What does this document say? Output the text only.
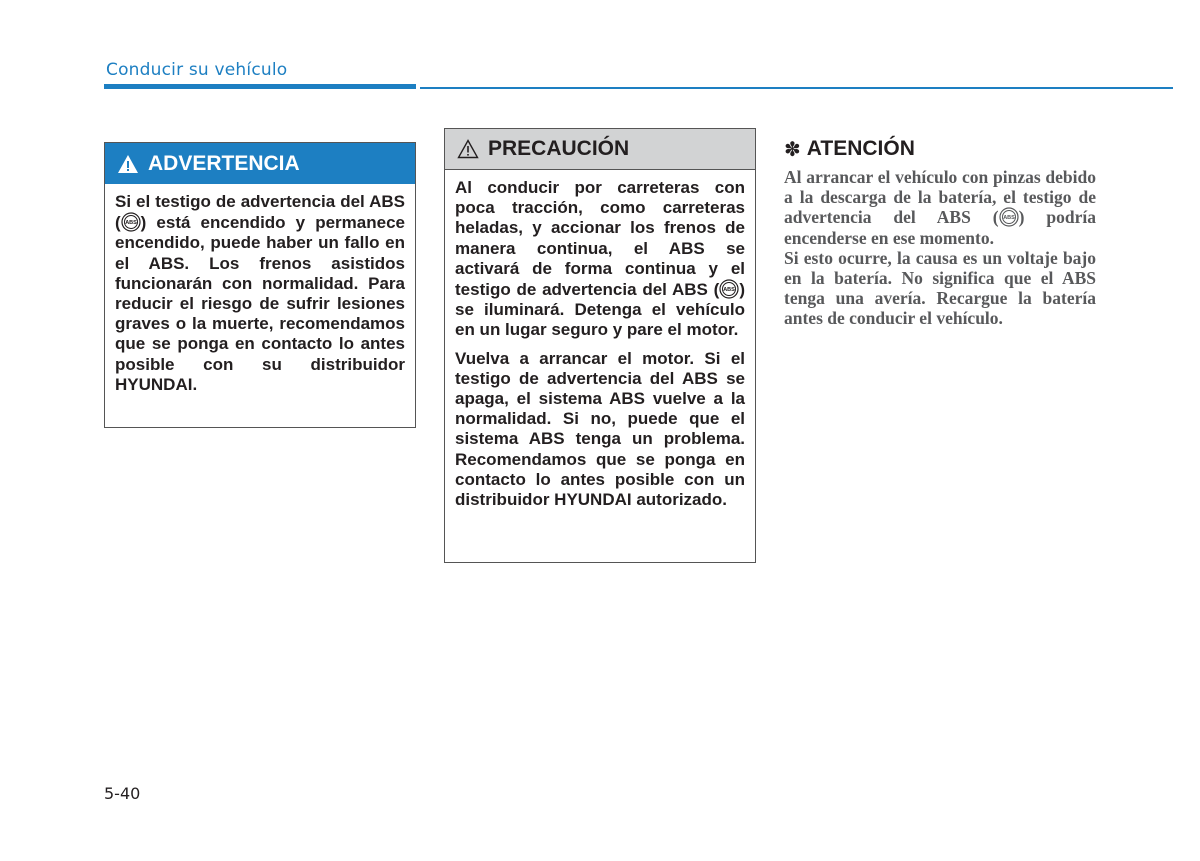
Conducir su vehículo
ADVERTENCIA

Si el testigo de advertencia del ABS ( ABS ) está encendido y permanece encendido, puede haber un fallo en el ABS. Los frenos asistidos funcionarán con normalidad. Para reducir el riesgo de sufrir lesiones graves o la muerte, recomendamos que se ponga en contacto lo antes posible con su distribuidor HYUNDAI.

PRECAUCIÓN

Al conducir por carreteras con poca tracción, como carreteras heladas, y accionar los frenos de manera continua, el ABS se activará de forma continua y el testigo de advertencia del ABS ( ABS ) se iluminará. Detenga el vehículo en un lugar seguro y pare el motor.

Vuelva a arrancar el motor. Si el testigo de advertencia del ABS se apaga, el sistema ABS vuelve a la normalidad. Si no, puede que el sistema ABS tenga un problema. Recomendamos que se ponga en contacto lo antes posible con un distribuidor HYUNDAI autorizado.

✽ ATENCIÓN

Al arrancar el vehículo con pinzas debido a la descarga de la batería, el testigo de advertencia del ABS ( ABS ) podría encenderse en ese momento.

Si esto ocurre, la causa es un voltaje bajo en la batería. No significa que el ABS tenga una avería. Recargue la batería antes de conducir el vehículo.

5-40
